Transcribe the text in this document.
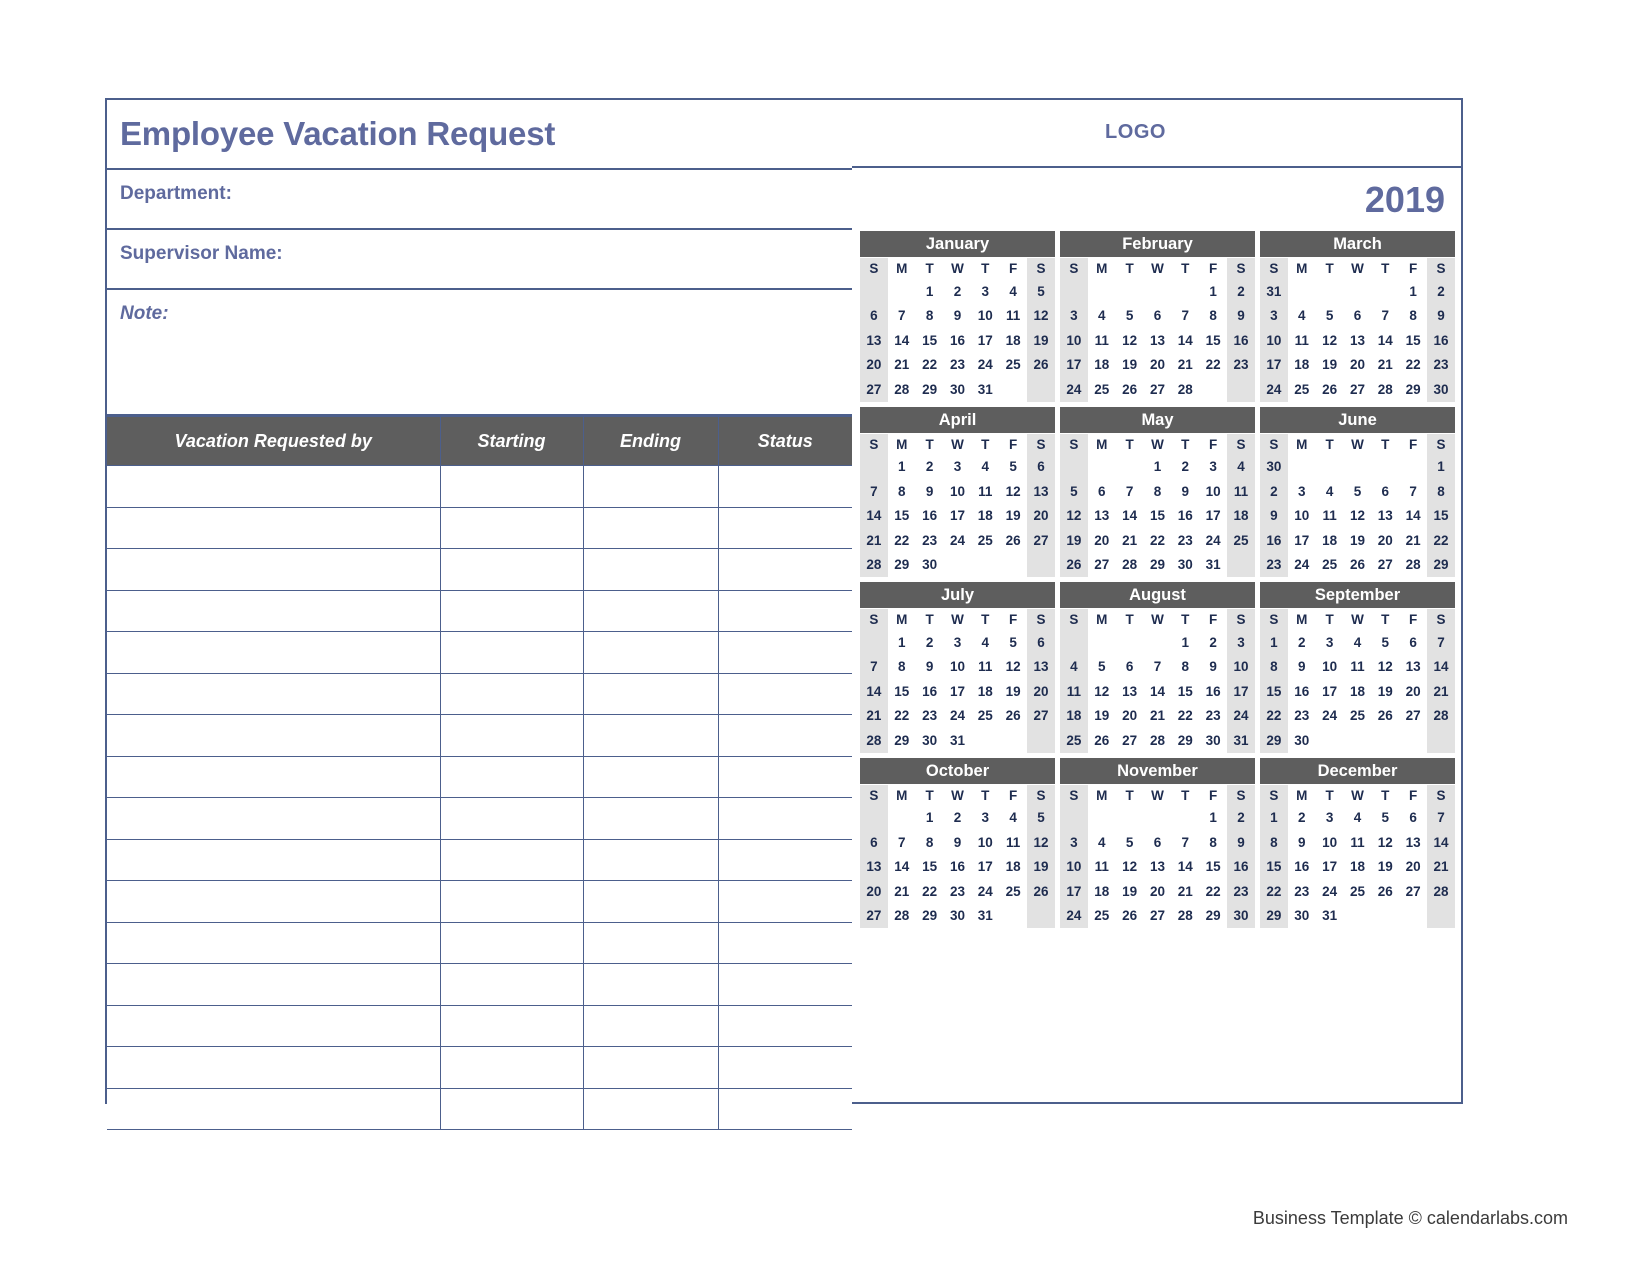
Employee Vacation Request
Department:
Supervisor Name:
Note:
Vacation Requested by	Starting	Ending	Status

2019
January
S	M	T	W	T	F	S
		1	2	3	4	5
6	7	8	9	10	11	12
13	14	15	16	17	18	19
20	21	22	23	24	25	26
27	28	29	30	31		
February
S	M	T	W	T	F	S
					1	2
3	4	5	6	7	8	9
10	11	12	13	14	15	16
17	18	19	20	21	22	23
24	25	26	27	28		
March
S	M	T	W	T	F	S
31					1	2
3	4	5	6	7	8	9
10	11	12	13	14	15	16
17	18	19	20	21	22	23
24	25	26	27	28	29	30
April
S	M	T	W	T	F	S
	1	2	3	4	5	6
7	8	9	10	11	12	13
14	15	16	17	18	19	20
21	22	23	24	25	26	27
28	29	30				
May
S	M	T	W	T	F	S
			1	2	3	4
5	6	7	8	9	10	11
12	13	14	15	16	17	18
19	20	21	22	23	24	25
26	27	28	29	30	31	
June
S	M	T	W	T	F	S
30						1
2	3	4	5	6	7	8
9	10	11	12	13	14	15
16	17	18	19	20	21	22
23	24	25	26	27	28	29
July
S	M	T	W	T	F	S
	1	2	3	4	5	6
7	8	9	10	11	12	13
14	15	16	17	18	19	20
21	22	23	24	25	26	27
28	29	30	31			
August
S	M	T	W	T	F	S
				1	2	3
4	5	6	7	8	9	10
11	12	13	14	15	16	17
18	19	20	21	22	23	24
25	26	27	28	29	30	31
September
S	M	T	W	T	F	S
1	2	3	4	5	6	7
8	9	10	11	12	13	14
15	16	17	18	19	20	21
22	23	24	25	26	27	28
29	30					
October
S	M	T	W	T	F	S
		1	2	3	4	5
6	7	8	9	10	11	12
13	14	15	16	17	18	19
20	21	22	23	24	25	26
27	28	29	30	31		
November
S	M	T	W	T	F	S
					1	2
3	4	5	6	7	8	9
10	11	12	13	14	15	16
17	18	19	20	21	22	23
24	25	26	27	28	29	30
December
S	M	T	W	T	F	S
1	2	3	4	5	6	7
8	9	10	11	12	13	14
15	16	17	18	19	20	21
22	23	24	25	26	27	28
29	30	31				
LOGO
Business Template © calendarlabs.com
